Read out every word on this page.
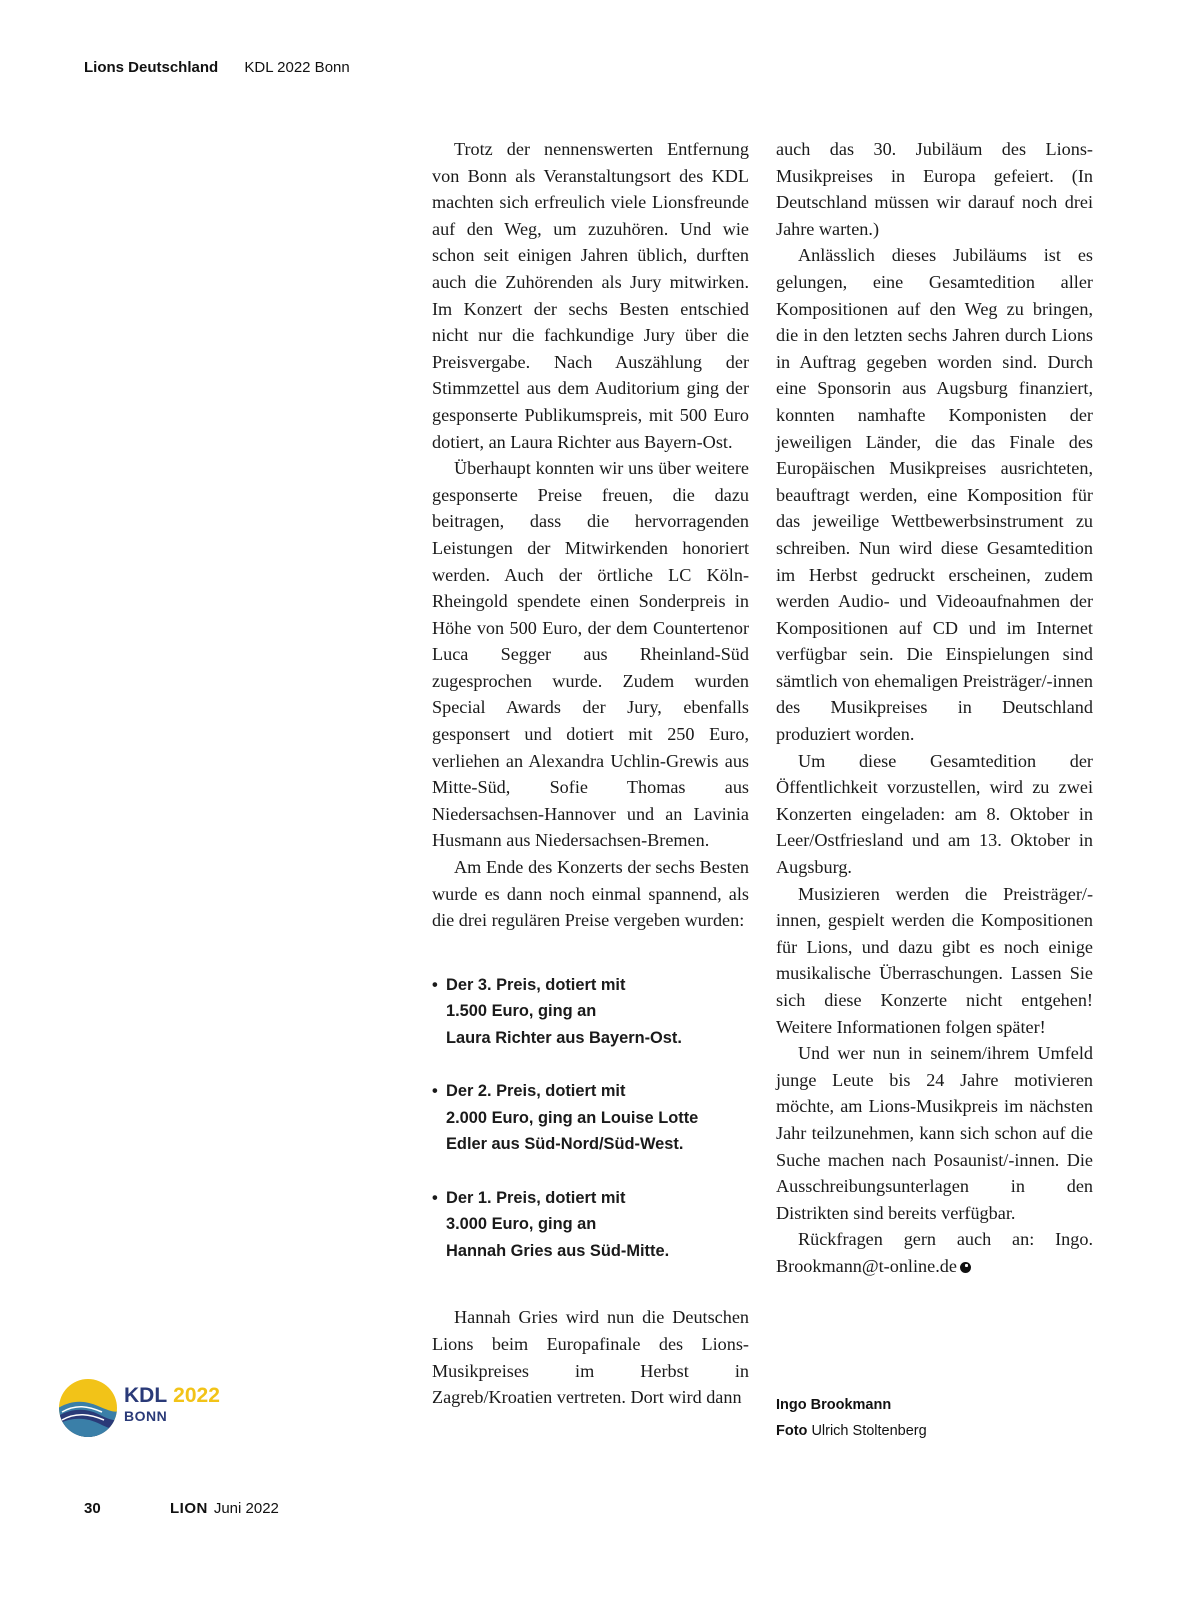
Lions Deutschland KDL 2022 Bonn

Trotz der nennenswerten Entfernung von Bonn als Veranstaltungsort des KDL machten sich erfreulich viele Lionsfreunde auf den Weg, um zuzuhören. Und wie schon seit einigen Jahren üblich, durften auch die Zuhörenden als Jury mitwirken. Im Konzert der sechs Besten entschied nicht nur die fachkundige Jury über die Preisvergabe. Nach Auszählung der Stimmzettel aus dem Auditorium ging der gesponserte Publikumspreis, mit 500 Euro dotiert, an Laura Richter aus Bayern-Ost.

Überhaupt konnten wir uns über weitere gesponserte Preise freuen, die dazu beitragen, dass die hervorragenden Leistungen der Mitwirkenden honoriert werden. Auch der örtliche LC Köln-Rheingold spendete einen Sonderpreis in Höhe von 500 Euro, der dem Countertenor Luca Segger aus Rheinland-Süd zugesprochen wurde. Zudem wurden Special Awards der Jury, ebenfalls gesponsert und dotiert mit 250 Euro, verliehen an Alexandra Uchlin-Grewis aus Mitte-Süd, Sofie Thomas aus Niedersachsen-Hannover und an Lavinia Husmann aus Niedersachsen-Bremen.

Am Ende des Konzerts der sechs Besten wurde es dann noch einmal spannend, als die drei regulären Preise vergeben wurden:

• Der 3. Preis, dotiert mit
1.500 Euro, ging an
Laura Richter aus Bayern-Ost.
• Der 2. Preis, dotiert mit
2.000 Euro, ging an Louise Lotte
Edler aus Süd-Nord/Süd-West.
• Der 1. Preis, dotiert mit
3.000 Euro, ging an
Hannah Gries aus Süd-Mitte.

Hannah Gries wird nun die Deutschen Lions beim Europafinale des Lions-Musikpreises im Herbst in Zagreb/Kroatien vertreten. Dort wird dann

auch das 30. Jubiläum des Lions-Musikpreises in Europa gefeiert. (In Deutschland müssen wir darauf noch drei Jahre warten.)

Anlässlich dieses Jubiläums ist es gelungen, eine Gesamtedition aller Kompositionen auf den Weg zu bringen, die in den letzten sechs Jahren durch Lions in Auftrag gegeben worden sind. Durch eine Sponsorin aus Augsburg finanziert, konnten namhafte Komponisten der jeweiligen Länder, die das Finale des Europäischen Musikpreises ausrichteten, beauftragt werden, eine Komposition für das jeweilige Wettbewerbsinstrument zu schreiben. Nun wird diese Gesamtedition im Herbst gedruckt erscheinen, zudem werden Audio- und Videoaufnahmen der Kompositionen auf CD und im Internet verfügbar sein. Die Einspielungen sind sämtlich von ehemaligen Preisträger/-innen des Musikpreises in Deutschland produziert worden.

Um diese Gesamtedition der Öffentlichkeit vorzustellen, wird zu zwei Konzerten eingeladen: am 8. Oktober in Leer/Ostfriesland und am 13. Oktober in Augsburg.

Musizieren werden die Preisträger/-innen, gespielt werden die Kompositionen für Lions, und dazu gibt es noch einige musikalische Überraschungen. Lassen Sie sich diese Konzerte nicht entgehen! Weitere Informationen folgen später!

Und wer nun in seinem/ihrem Umfeld junge Leute bis 24 Jahre motivieren möchte, am Lions-Musikpreis im nächsten Jahr teilzunehmen, kann sich schon auf die Suche machen nach Posaunist/-innen. Die Ausschreibungsunterlagen in den Distrikten sind bereits verfügbar.

Rückfragen gern auch an: Ingo. Brookmann@t-online.de

Ingo Brookmann
Foto Ulrich Stoltenberg
KDL 2022
BONN
30	LION Juni 2022
